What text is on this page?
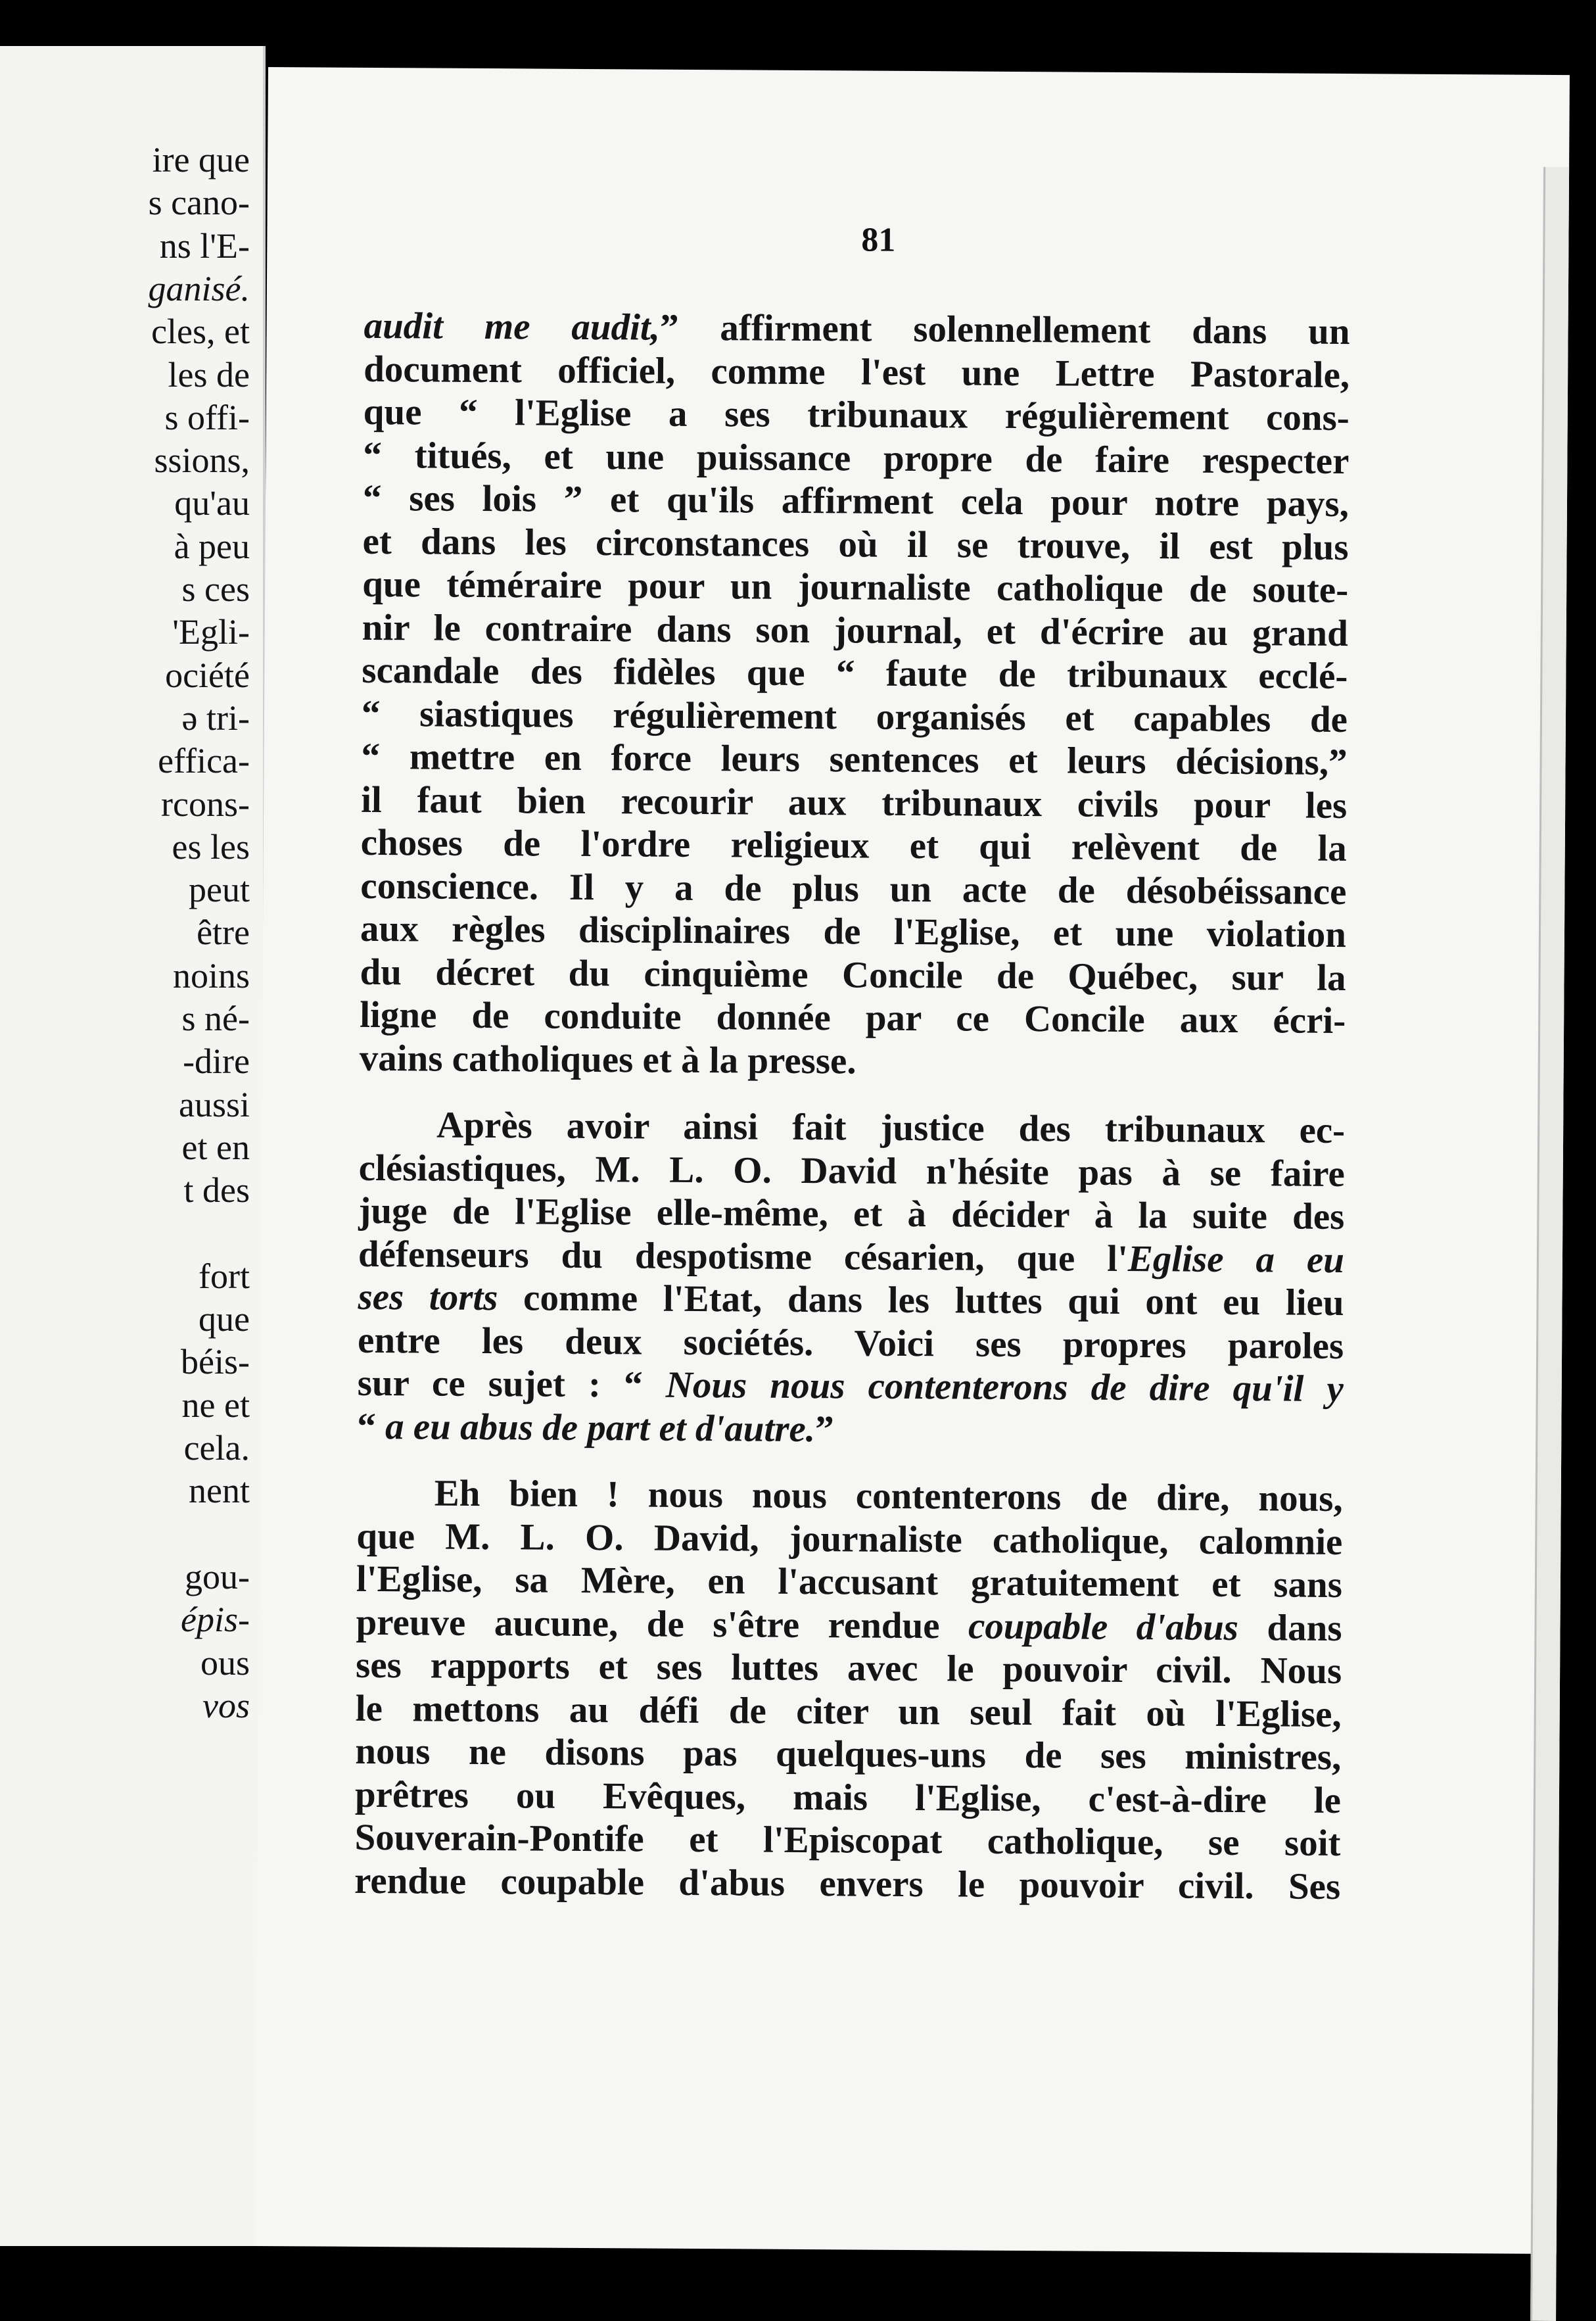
ire que
s cano-
ns l'E-
ganisé.
cles, et
les de
s offi-
ssions,
qu'au
à peu
s ces
'Egli-
ociété
ə tri-
effica-
rcons-
es les
peut
être
noins
s né-
-dire
aussi
et en
t des
fort
que
béis-
ne et
cela.
nent
gou-
épis-
ous
vos
81
audit me audit,” affirment solennellement dans un
document officiel, comme l'est une Lettre Pastorale,
que “ l'Eglise a ses tribunaux régulièrement cons-
“ titués, et une puissance propre de faire respecter
“ ses lois ” et qu'ils affirment cela pour notre pays,
et dans les circonstances où il se trouve, il est plus
que téméraire pour un journaliste catholique de soute-
nir le contraire dans son journal, et d'écrire au grand
scandale des fidèles que “ faute de tribunaux ecclé-
“ siastiques régulièrement organisés et capables de
“ mettre en force leurs sentences et leurs décisions,”
il faut bien recourir aux tribunaux civils pour les
choses de l'ordre religieux et qui relèvent de la
conscience. Il y a de plus un acte de désobéissance
aux règles disciplinaires de l'Eglise, et une violation
du décret du cinquième Concile de Québec, sur la
ligne de conduite donnée par ce Concile aux écri-
vains catholiques et à la presse.
Après avoir ainsi fait justice des tribunaux ec-
clésiastiques, M. L. O. David n'hésite pas à se faire
juge de l'Eglise elle-même, et à décider à la suite des
défenseurs du despotisme césarien, que l'Eglise a eu
ses torts comme l'Etat, dans les luttes qui ont eu lieu
entre les deux sociétés. Voici ses propres paroles
sur ce sujet : “ Nous nous contenterons de dire qu'il y
“ a eu abus de part et d'autre.”
Eh bien ! nous nous contenterons de dire, nous,
que M. L. O. David, journaliste catholique, calomnie
l'Eglise, sa Mère, en l'accusant gratuitement et sans
preuve aucune, de s'être rendue coupable d'abus dans
ses rapports et ses luttes avec le pouvoir civil. Nous
le mettons au défi de citer un seul fait où l'Eglise,
nous ne disons pas quelques-uns de ses ministres,
prêtres ou Evêques, mais l'Eglise, c'est-à-dire le
Souverain-Pontife et l'Episcopat catholique, se soit
rendue coupable d'abus envers le pouvoir civil. Ses
